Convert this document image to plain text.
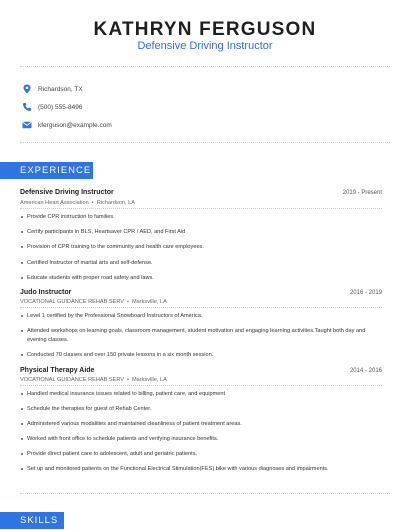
KATHRYN FERGUSON
Defensive Driving Instructor
Richardson, TX
(500) 555-8496
kferguson@example.com
EXPERIENCE
Defensive Driving Instructor	2019 - Present
American Heart Association • Richardson, LA
Provide CPR instruction to families.
Certify participants in BLS, Heartsaver CPR / AED, and First Aid
Provision of CPR training to the community and health care employees.
Certified Instructor of martial arts and self-defense.
Educate students with proper road safety and laws.
Judo Instructor	2016 - 2019
VOCATIONAL GUIDANCE REHAB SERV • Marksville, LA
Level 1 certified by the Professional Snowboard Instructors of America.
Attended workshops on learning goals, classroom management, student motivation and engaging learning activities.Taught both day and evening classes.
Conducted 70 classes and over 150 private lessons in a six month session.
Physical Therapy Aide	2014 - 2016
VOCATIONAL GUIDANCE REHAB SERV • Marksville, LA
Handled medical insurance issues related to billing, patient care, and equipment
Schedule the therapies for guest of Rehab Center.
Administered various modalities and maintained cleanliness of patient treatment areas.
Worked with front office to schedule patients and verifying insurance benefits.
Provide direct patient care to adolescent, adult and geriatric patients.
Set up and monitored patients on the Functional Electrical Stimulation(FES) bike with various diagnoses and impairments.
SKILLS
